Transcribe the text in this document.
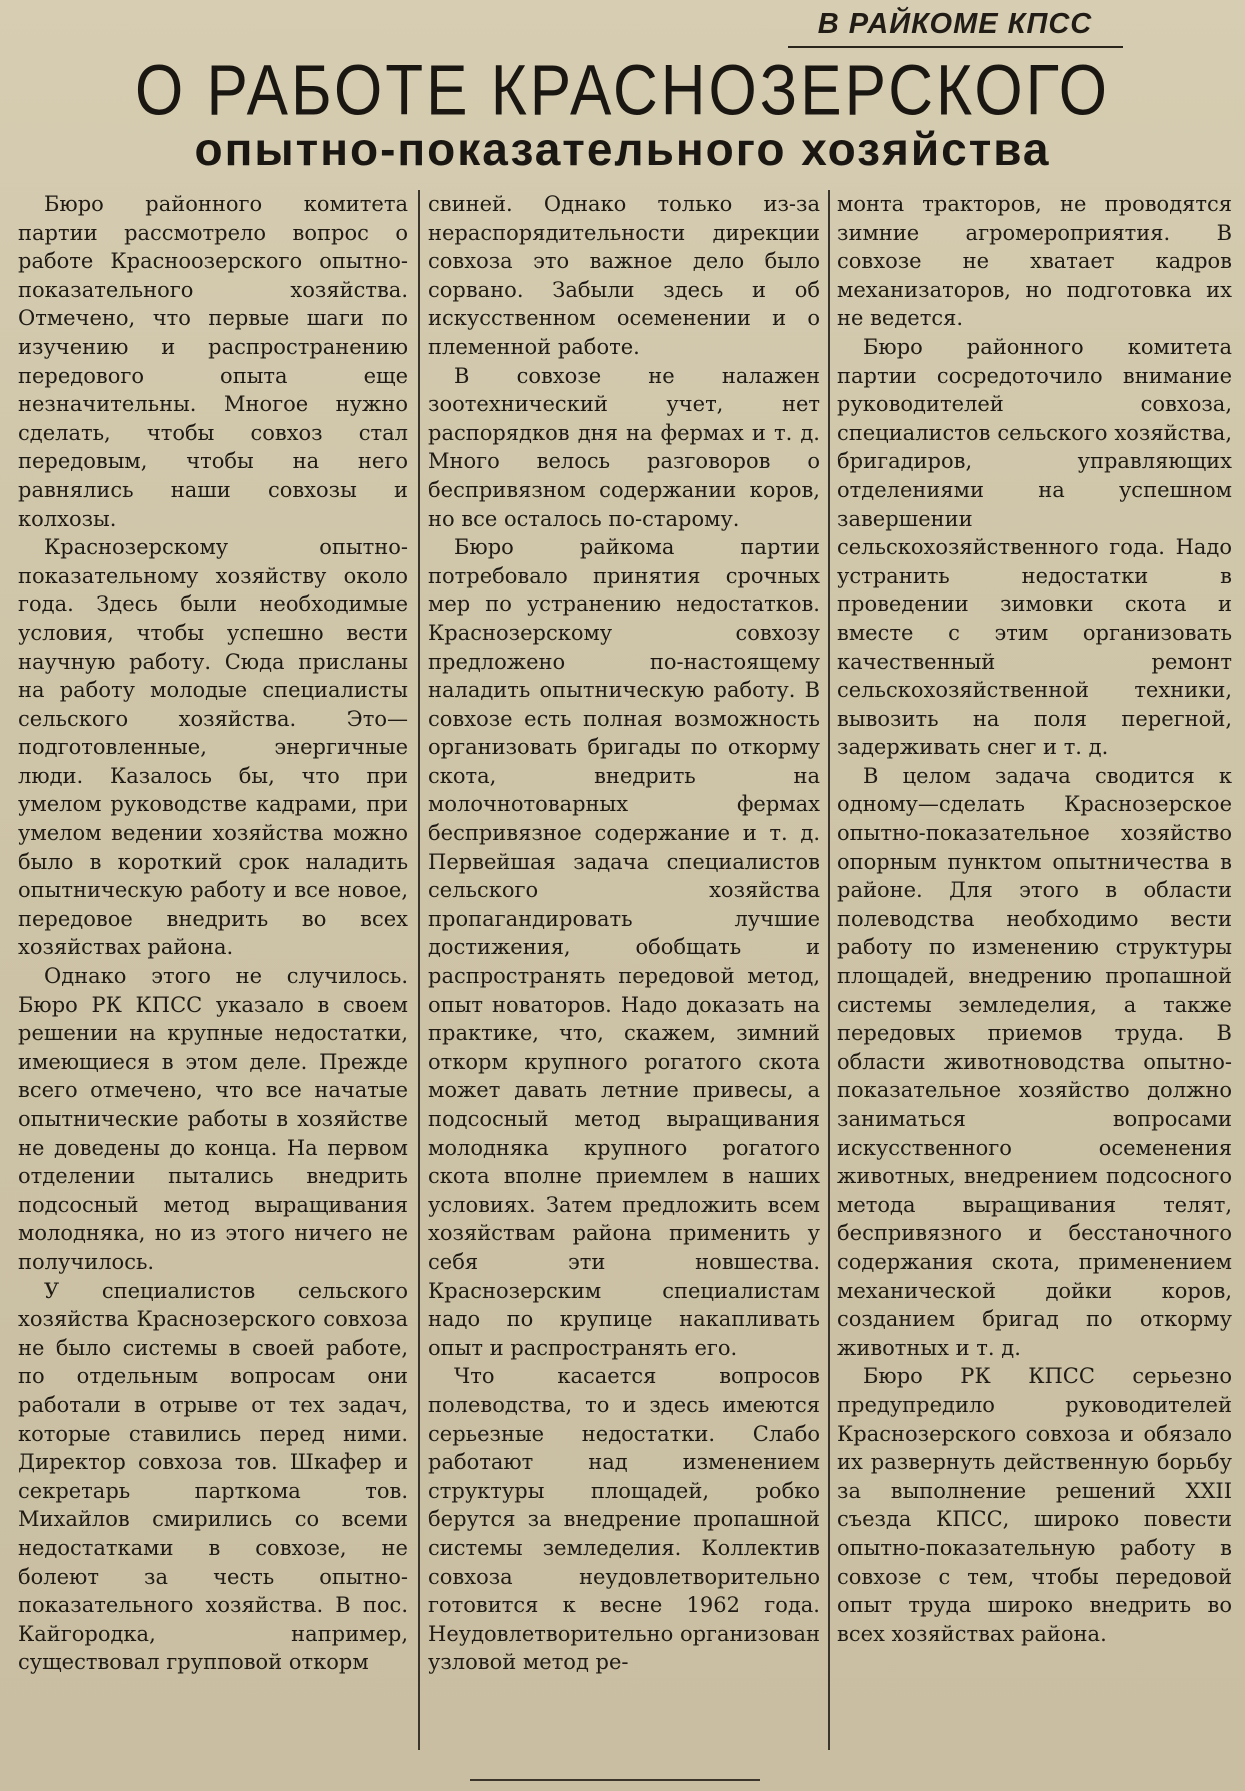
В РАЙКОМЕ КПСС
О РАБОТЕ КРАСНОЗЕРСКОГО
опытно-показательного хозяйства

Бюро районного комитета партии рассмотрело вопрос о работе Красноозерского опытно-показательного хозяйства. Отмечено, что первые шаги по изучению и распространению передового опыта еще незначительны. Многое нужно сделать, чтобы совхоз стал передовым, чтобы на него равнялись наши совхозы и колхозы.

Краснозерскому опытно-показательному хозяйству около года. Здесь были необходимые условия, чтобы успешно вести научную работу. Сюда присланы на работу молодые специалисты сельского хозяйства. Это—подготовленные, энергичные люди. Казалось бы, что при умелом руководстве кадрами, при умелом ведении хозяйства можно было в короткий срок наладить опытническую работу и все новое, передовое внедрить во всех хозяйствах района.

Однако этого не случилось. Бюро РК КПСС указало в своем решении на крупные недостатки, имеющиеся в этом деле. Прежде всего отмечено, что все начатые опытнические работы в хозяйстве не доведены до конца. На первом отделении пытались внедрить подсосный метод выращивания молодняка, но из этого ничего не получилось.

У специалистов сельского хозяйства Краснозерского совхоза не было системы в своей работе, по отдельным вопросам они работали в отрыве от тех задач, которые ставились перед ними. Директор совхоза тов. Шкафер и секретарь парткома тов. Михайлов смирились со всеми недостатками в совхозе, не болеют за честь опытно-показательного хозяйства. В пос. Кайгородка, например, существовал групповой откорм

свиней. Однако только из-за нераспорядительности дирекции совхоза это важное дело было сорвано. Забыли здесь и об искусственном осеменении и о племенной работе.

В совхозе не налажен зоотехнический учет, нет распорядков дня на фермах и т. д. Много велось разговоров о беспривязном содержании коров, но все осталось по-старому.

Бюро райкома партии потребовало принятия срочных мер по устранению недостатков. Краснозерскому совхозу предложено по-настоящему наладить опытническую работу. В совхозе есть полная возможность организовать бригады по откорму скота, внедрить на молочнотоварных фермах беспривязное содержание и т. д. Первейшая задача специалистов сельского хозяйства пропагандировать лучшие достижения, обобщать и распространять передовой метод, опыт новаторов. Надо доказать на практике, что, скажем, зимний откорм крупного рогатого скота может давать летние привесы, а подсосный метод выращивания молодняка крупного рогатого скота вполне приемлем в наших условиях. Затем предложить всем хозяйствам района применить у себя эти новшества. Краснозерским специалистам надо по крупице накапливать опыт и распространять его.

Что касается вопросов полеводства, то и здесь имеются серьезные недостатки. Слабо работают над изменением структуры площадей, робко берутся за внедрение пропашной системы земледелия. Коллектив совхоза неудовлетворительно готовится к весне 1962 года. Неудовлетворительно организован узловой метод ре-

монта тракторов, не проводятся зимние агромероприятия. В совхозе не хватает кадров механизаторов, но подготовка их не ведется.

Бюро районного комитета партии сосредоточило внимание руководителей совхоза, специалистов сельского хозяйства, бригадиров, управляющих отделениями на успешном завершении сельскохозяйственного года. Надо устранить недостатки в проведении зимовки скота и вместе с этим организовать качественный ремонт сельскохозяйственной техники, вывозить на поля перегной, задерживать снег и т. д.

В целом задача сводится к одному—сделать Краснозерское опытно-показательное хозяйство опорным пунктом опытничества в районе. Для этого в области полеводства необходимо вести работу по изменению структуры площадей, внедрению пропашной системы земледелия, а также передовых приемов труда. В области животноводства опытно-показательное хозяйство должно заниматься вопросами искусственного осеменения животных, внедрением подсосного метода выращивания телят, беспривязного и бесстаночного содержания скота, применением механической дойки коров, созданием бригад по откорму животных и т. д.

Бюро РК КПСС серьезно предупредило руководителей Краснозерского совхоза и обязало их развернуть действенную борьбу за выполнение решений XXII съезда КПСС, широко повести опытно-показательную работу в совхозе с тем, чтобы передовой опыт труда широко внедрить во всех хозяйствах района.
